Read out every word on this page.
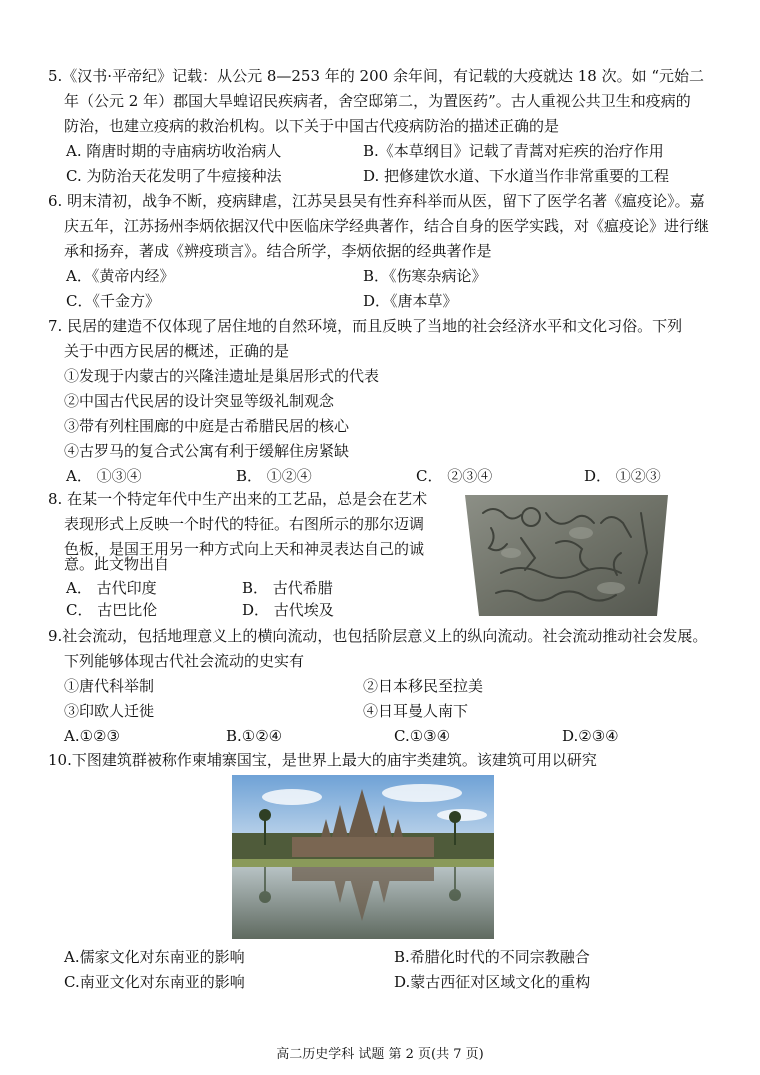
5.《汉书·平帝纪》记载：从公元 8—253 年的 200 余年间，有记载的大疫就达 18 次。如 “元始二
年（公元 2 年）郡国大旱蝗诏民疾病者，舍空邸第二，为置医药”。古人重视公共卫生和疫病的
防治，也建立疫病的救治机构。以下关于中国古代疫病防治的描述正确的是
A. 隋唐时期的寺庙病坊收治病人	B.《本草纲目》记载了青蒿对疟疾的治疗作用
C. 为防治天花发明了牛痘接种法	D. 把修建饮水道、下水道当作非常重要的工程
6. 明末清初，战争不断，疫病肆虐，江苏吴县吴有性弃科举而从医，留下了医学名著《瘟疫论》。嘉
庆五年，江苏扬州李炳依据汉代中医临床学经典著作，结合自身的医学实践，对《瘟疫论》进行继
承和扬弃，著成《辨疫琐言》。结合所学，李炳依据的经典著作是
A．《黄帝内经》	B．《伤寒杂病论》
C．《千金方》	D．《唐本草》
7. 民居的建造不仅体现了居住地的自然环境，而且反映了当地的社会经济水平和文化习俗。下列
关于中西方民居的概述，正确的是
①发现于内蒙古的兴隆洼遗址是巢居形式的代表
②中国古代民居的设计突显等级礼制观念
③带有列柱围廊的中庭是古希腊民居的核心
④古罗马的复合式公寓有利于缓解住房紧缺
A． ①③④	B． ①②④	C． ②③④	D． ①②③
8. 在某一个特定年代中生产出来的工艺品，总是会在艺术
表现形式上反映一个时代的特征。右图所示的那尔迈调
色板，是国王用另一种方式向上天和神灵表达自己的诚
意。此文物出自
A． 古代印度	B． 古代希腊
C． 古巴比伦	D． 古代埃及
9.社会流动，包括地理意义上的横向流动，也包括阶层意义上的纵向流动。社会流动推动社会发展。
下列能够体现古代社会流动的史实有
①唐代科举制	②日本移民至拉美
③印欧人迁徙	④日耳曼人南下
A.①②③	B.①②④	C.①③④	D.②③④
10.下图建筑群被称作柬埔寨国宝，是世界上最大的庙宇类建筑。该建筑可用以研究
A.儒家文化对东南亚的影响	B.希腊化时代的不同宗教融合
C.南亚文化对东南亚的影响	D.蒙古西征对区域文化的重构
高二历史学科 试题 第 2 页(共 7 页)
